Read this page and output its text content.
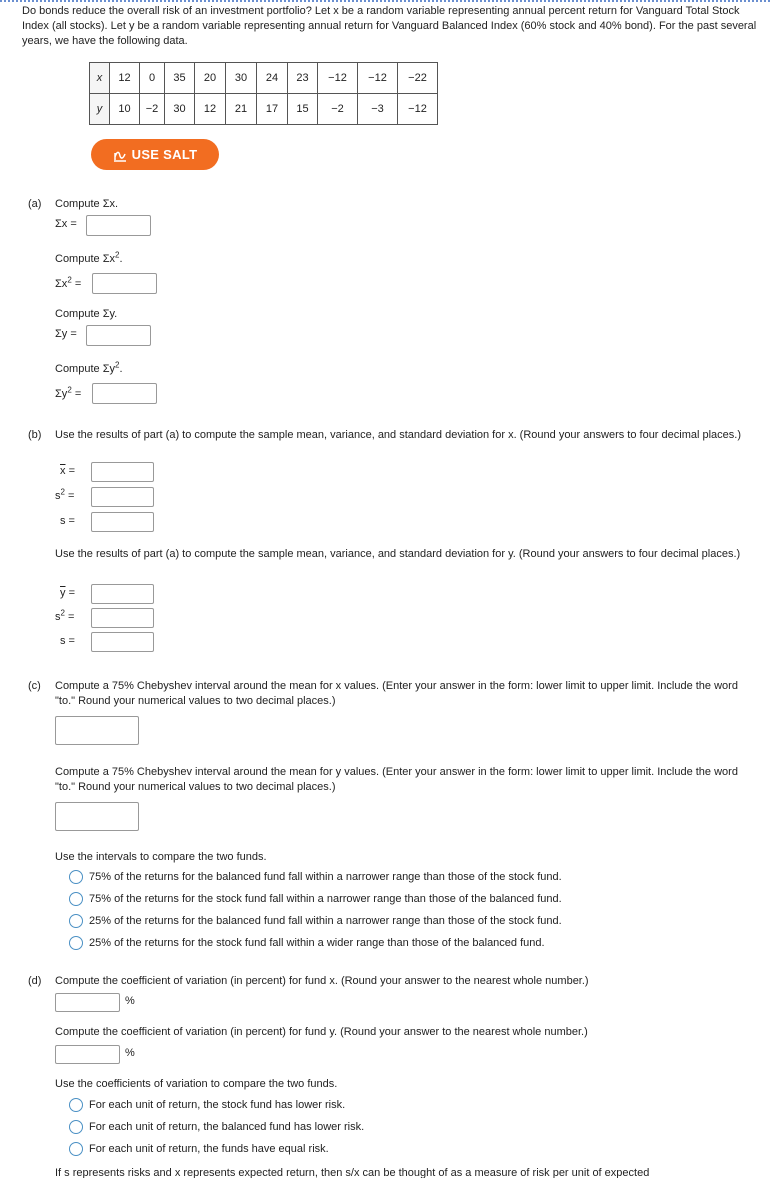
Do bonds reduce the overall risk of an investment portfolio? Let x be a random variable representing annual percent return for Vanguard Total Stock Index (all stocks). Let y be a random variable representing annual return for Vanguard Balanced Index (60% stock and 40% bond). For the past several years, we have the following data.
x	12	0	35	20	30	24	23	−12	−12	−22
y	10	−2	30	12	21	17	15	−2	−3	−12
USE SALT
(a) Compute Σx.
Σx =
Compute $\Sigma x^2$.
$\Sigma x^2$ =
Compute Σy.
Σy =
Compute $\Sigma y^2$.
$\Sigma y^2$ =
(b) Use the results of part (a) to compute the sample mean, variance, and standard deviation for x. (Round your answers to four decimal places.)
$\overline{x}$ =
$s^2$ =
s =
Use the results of part (a) to compute the sample mean, variance, and standard deviation for y. (Round your answers to four decimal places.)
$\overline{y}$ =
$s^2$ =
s =
(c) Compute a 75% Chebyshev interval around the mean for x values. (Enter your answer in the form: lower limit to upper limit. Include the word "to." Round your numerical values to two decimal places.)
Compute a 75% Chebyshev interval around the mean for y values. (Enter your answer in the form: lower limit to upper limit. Include the word "to." Round your numerical values to two decimal places.)
Use the intervals to compare the two funds.
75% of the returns for the balanced fund fall within a narrower range than those of the stock fund.
75% of the returns for the stock fund fall within a narrower range than those of the balanced fund.
25% of the returns for the balanced fund fall within a narrower range than those of the stock fund.
25% of the returns for the stock fund fall within a wider range than those of the balanced fund.
(d) Compute the coefficient of variation (in percent) for fund x. (Round your answer to the nearest whole number.)
%
Compute the coefficient of variation (in percent) for fund y. (Round your answer to the nearest whole number.)
%
Use the coefficients of variation to compare the two funds.
For each unit of return, the stock fund has lower risk.
For each unit of return, the balanced fund has lower risk.
For each unit of return, the funds have equal risk.
If s represents risks and x represents expected return, then s/x can be thought of as a measure of risk per unit of expected
